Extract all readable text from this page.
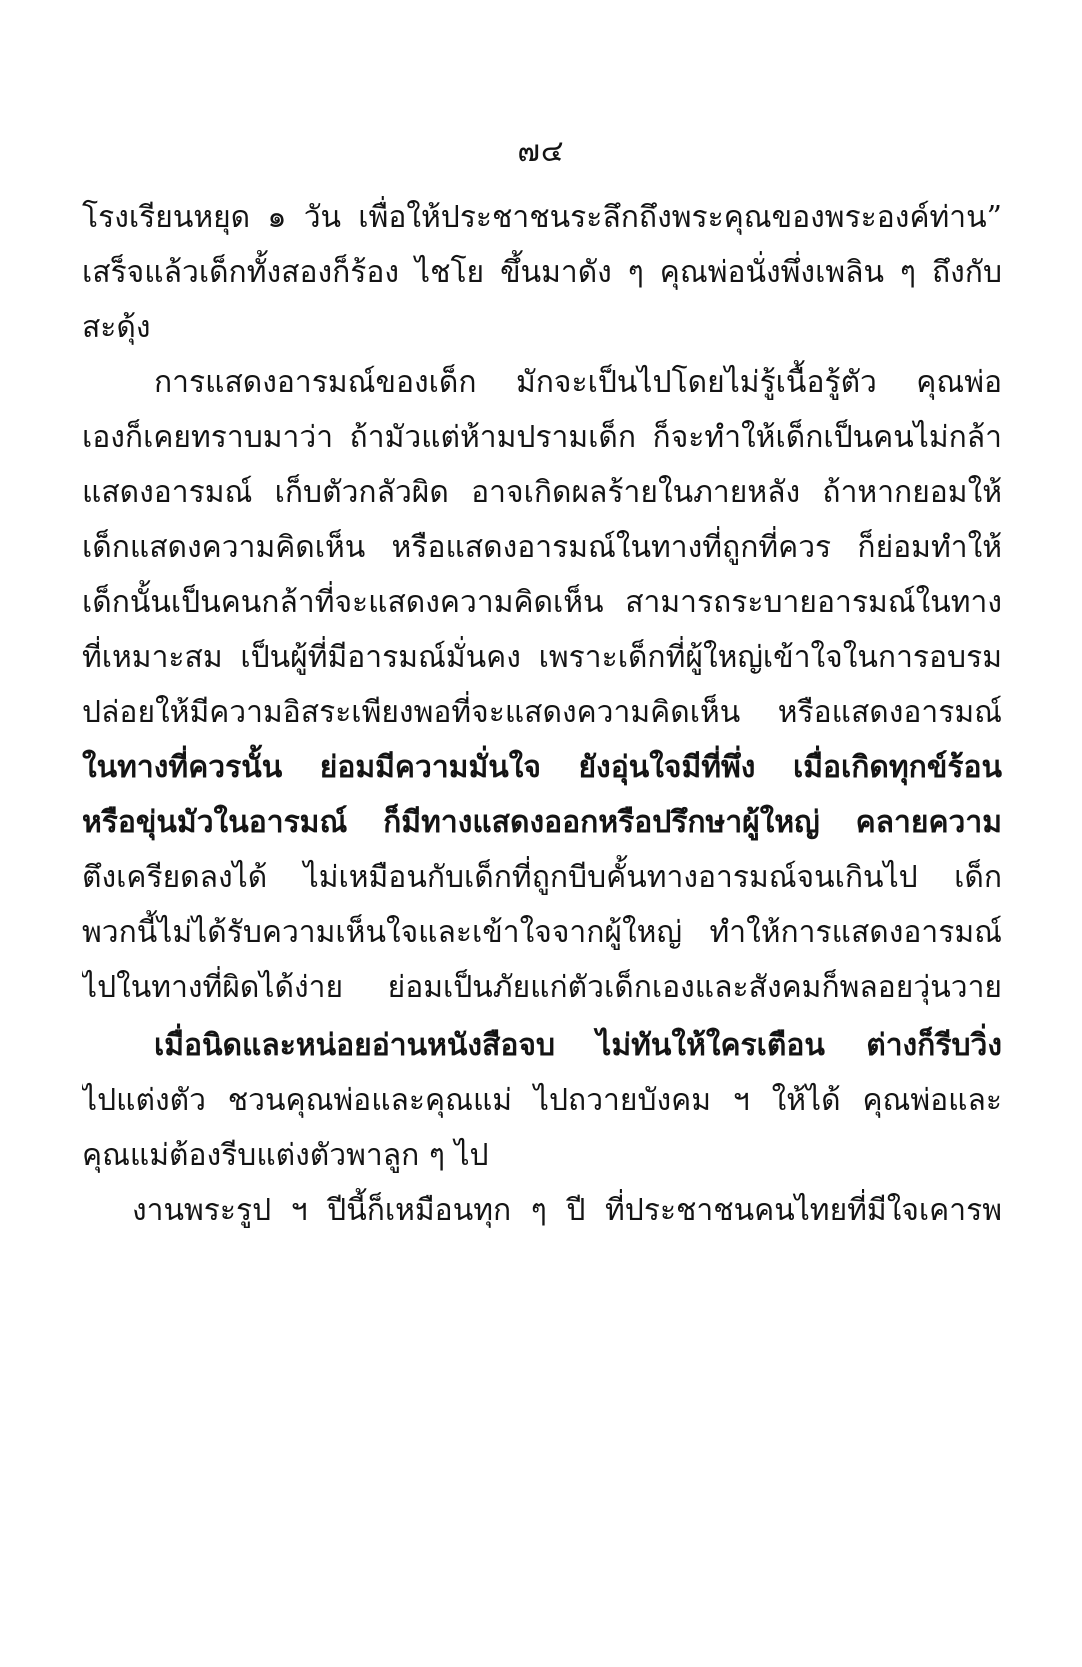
๗๔
โรงเรียนหยุด ๑ วัน เพื่อให้ประชาชนระลึกถึงพระคุณของพระองค์ท่าน”
เสร็จแล้วเด็กทั้งสองก็ร้อง ไชโย ขึ้นมาดัง ๆ คุณพ่อนั่งพึ่งเพลิน ๆ ถึงกับ
สะดุ้ง
การแสดงอารมณ์ของเด็ก มักจะเป็นไปโดยไม่รู้เนื้อรู้ตัว คุณพ่อ
เองก็เคยทราบมาว่า ถ้ามัวแต่ห้ามปรามเด็ก ก็จะทำให้เด็กเป็นคนไม่กล้า
แสดงอารมณ์ เก็บตัวกลัวผิด อาจเกิดผลร้ายในภายหลัง ถ้าหากยอมให้
เด็กแสดงความคิดเห็น หรือแสดงอารมณ์ในทางที่ถูกที่ควร ก็ย่อมทำให้
เด็กนั้นเป็นคนกล้าที่จะแสดงความคิดเห็น สามารถระบายอารมณ์ในทาง
ที่เหมาะสม เป็นผู้ที่มีอารมณ์มั่นคง เพราะเด็กที่ผู้ใหญ่เข้าใจในการอบรม
ปล่อยให้มีความอิสระเพียงพอที่จะแสดงความคิดเห็น หรือแสดงอารมณ์
ในทางที่ควรนั้น ย่อมมีความมั่นใจ ยังอุ่นใจมีที่พึ่ง เมื่อเกิดทุกข์ร้อน
หรือขุ่นมัวในอารมณ์ ก็มีทางแสดงออกหรือปรึกษาผู้ใหญ่ คลายความ
ตึงเครียดลงได้ ไม่เหมือนกับเด็กที่ถูกบีบคั้นทางอารมณ์จนเกินไป เด็ก
พวกนี้ไม่ได้รับความเห็นใจและเข้าใจจากผู้ใหญ่ ทำให้การแสดงอารมณ์
ไปในทางที่ผิดได้ง่าย ย่อมเป็นภัยแก่ตัวเด็กเองและสังคมก็พลอยวุ่นวาย
เมื่อนิดและหน่อยอ่านหนังสือจบ ไม่ทันให้ใครเตือน ต่างก็รีบวิ่ง
ไปแต่งตัว ชวนคุณพ่อและคุณแม่ ไปถวายบังคม ฯ ให้ได้ คุณพ่อและ
คุณแม่ต้องรีบแต่งตัวพาลูก ๆ ไป
งานพระรูป ฯ ปีนี้ก็เหมือนทุก ๆ ปี ที่ประชาชนคนไทยที่มีใจเคารพ
